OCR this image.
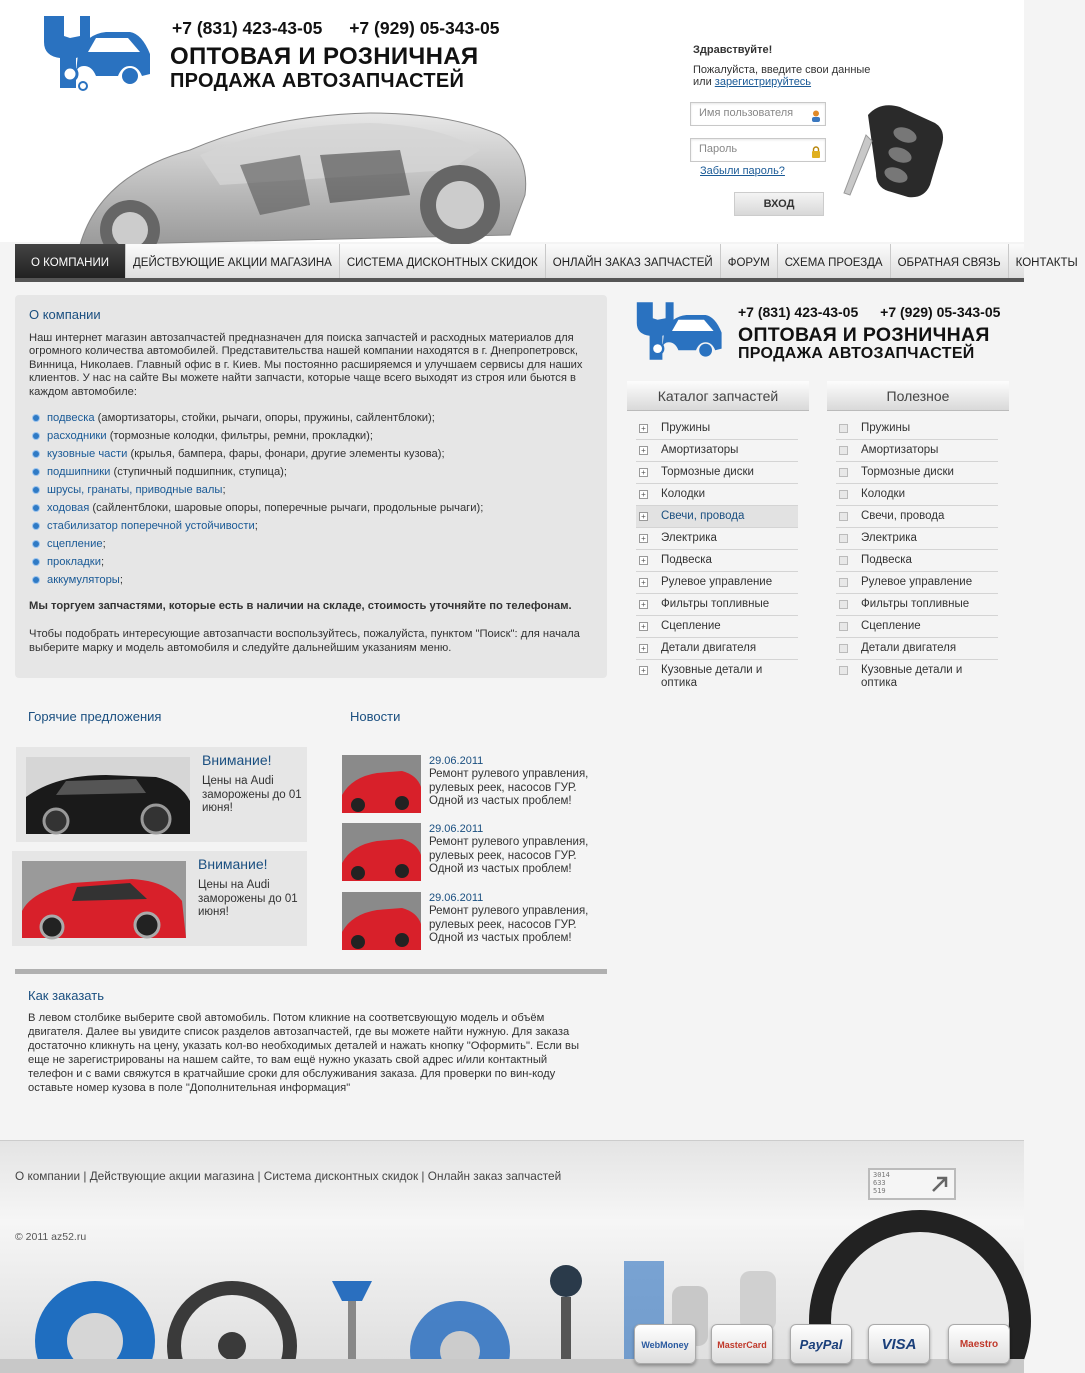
+7 (831) 423-43-05 +7 (929) 05-343-05
ОПТОВАЯ И РОЗНИЧНАЯ
ПРОДАЖА АВТОЗАПЧАСТЕЙ
Здравствуйте!
Пожалуйста, введите свои данные
или зарегистрируйтесь
Имя пользователя
Пароль
Забыли пароль?
ВХОД
О КОМПАНИИ	ДЕЙСТВУЮЩИЕ АКЦИИ МАГАЗИНА	СИСТЕМА ДИСКОНТНЫХ СКИДОК	ОНЛАЙН ЗАКАЗ ЗАПЧАСТЕЙ	ФОРУМ	СХЕМА ПРОЕЗДА	ОБРАТНАЯ СВЯЗЬ	КОНТАКТЫ
О компании

Наш интернет магазин автозапчастей предназначен для поиска запчастей и расходных материалов для огромного количества автомобилей. Представительства нашей компании находятся в г. Днепропетровск, Винница, Николаев. Главный офис в г. Киев. Мы постоянно расширяемся и улучшаем сервисы для наших клиентов. У нас на сайте Вы можете найти запчасти, которые чаще всего выходят из строя или бьются в каждом автомобиле:

подвеска (амортизаторы, стойки, рычаги, опоры, пружины, сайлентблоки);
расходники (тормозные колодки, фильтры, ремни, прокладки);
кузовные части (крылья, бампера, фары, фонари, другие элементы кузова);
подшипники (ступичный подшипник, ступица);
шрусы, гранаты, приводные валы;
ходовая (сайлентблоки, шаровые опоры, поперечные рычаги, продольные рычаги);
стабилизатор поперечной устойчивости;
сцепление;
прокладки;
аккумуляторы;

Мы торгуем запчастями, которые есть в наличии на складе, стоимость уточняйте по телефонам.

Чтобы подобрать интересующие автозапчасти воспользуйтесь, пожалуйста, пунктом "Поиск": для начала выберите марку и модель автомобиля и следуйте дальнейшим указаниям меню.

+7 (831) 423-43-05 +7 (929) 05-343-05
ОПТОВАЯ И РОЗНИЧНАЯ
ПРОДАЖА АВТОЗАПЧАСТЕЙ
Каталог запчастей	Полезное
+ Пружины
+ Амортизаторы
+ Тормозные диски
+ Колодки
+ Свечи, провода
+ Электрика
+ Подвеска
+ Рулевое управление
+ Фильтры топливные
+ Сцепление
+ Детали двигателя
+ Кузовные детали и оптика
Пружины
Амортизаторы
Тормозные диски
Колодки
Свечи, провода
Электрика
Подвеска
Рулевое управление
Фильтры топливные
Сцепление
Детали двигателя
Кузовные детали и оптика
Горячие предложения
Внимание!
Цены на Audi заморожены до 01 июня!
Внимание!
Цены на Audi заморожены до 01 июня!
Новости
29.06.2011
Ремонт рулевого управления, рулевых реек, насосов ГУР. Одной из частых проблем!
29.06.2011
Ремонт рулевого управления, рулевых реек, насосов ГУР. Одной из частых проблем!
29.06.2011
Ремонт рулевого управления, рулевых реек, насосов ГУР. Одной из частых проблем!
Как заказать

В левом столбике выберите свой автомобиль. Потом кликние на соответсвующую модель и объём двигателя. Далее вы увидите список разделов автозапчастей, где вы можете найти нужную. Для заказа достаточно кликнуть на цену, указать кол-во необходимых деталей и нажать кнопку "Оформить". Если вы еще не зарегистрированы на нашем сайте, то вам ещё нужно указать свой адрес и/или контактный телефон и с вами свяжутся в кратчайшие сроки для обслуживания заказа. Для проверки по вин-коду оставьте номер кузова в поле "Дополнительная информация"

О компании | Действующие акции магазина | Система дисконтных скидок | Онлайн заказ запчастей	3014
633
519
© 2011 az52.ru
WebMoney	MasterCard	PayPal	VISA	Maestro
